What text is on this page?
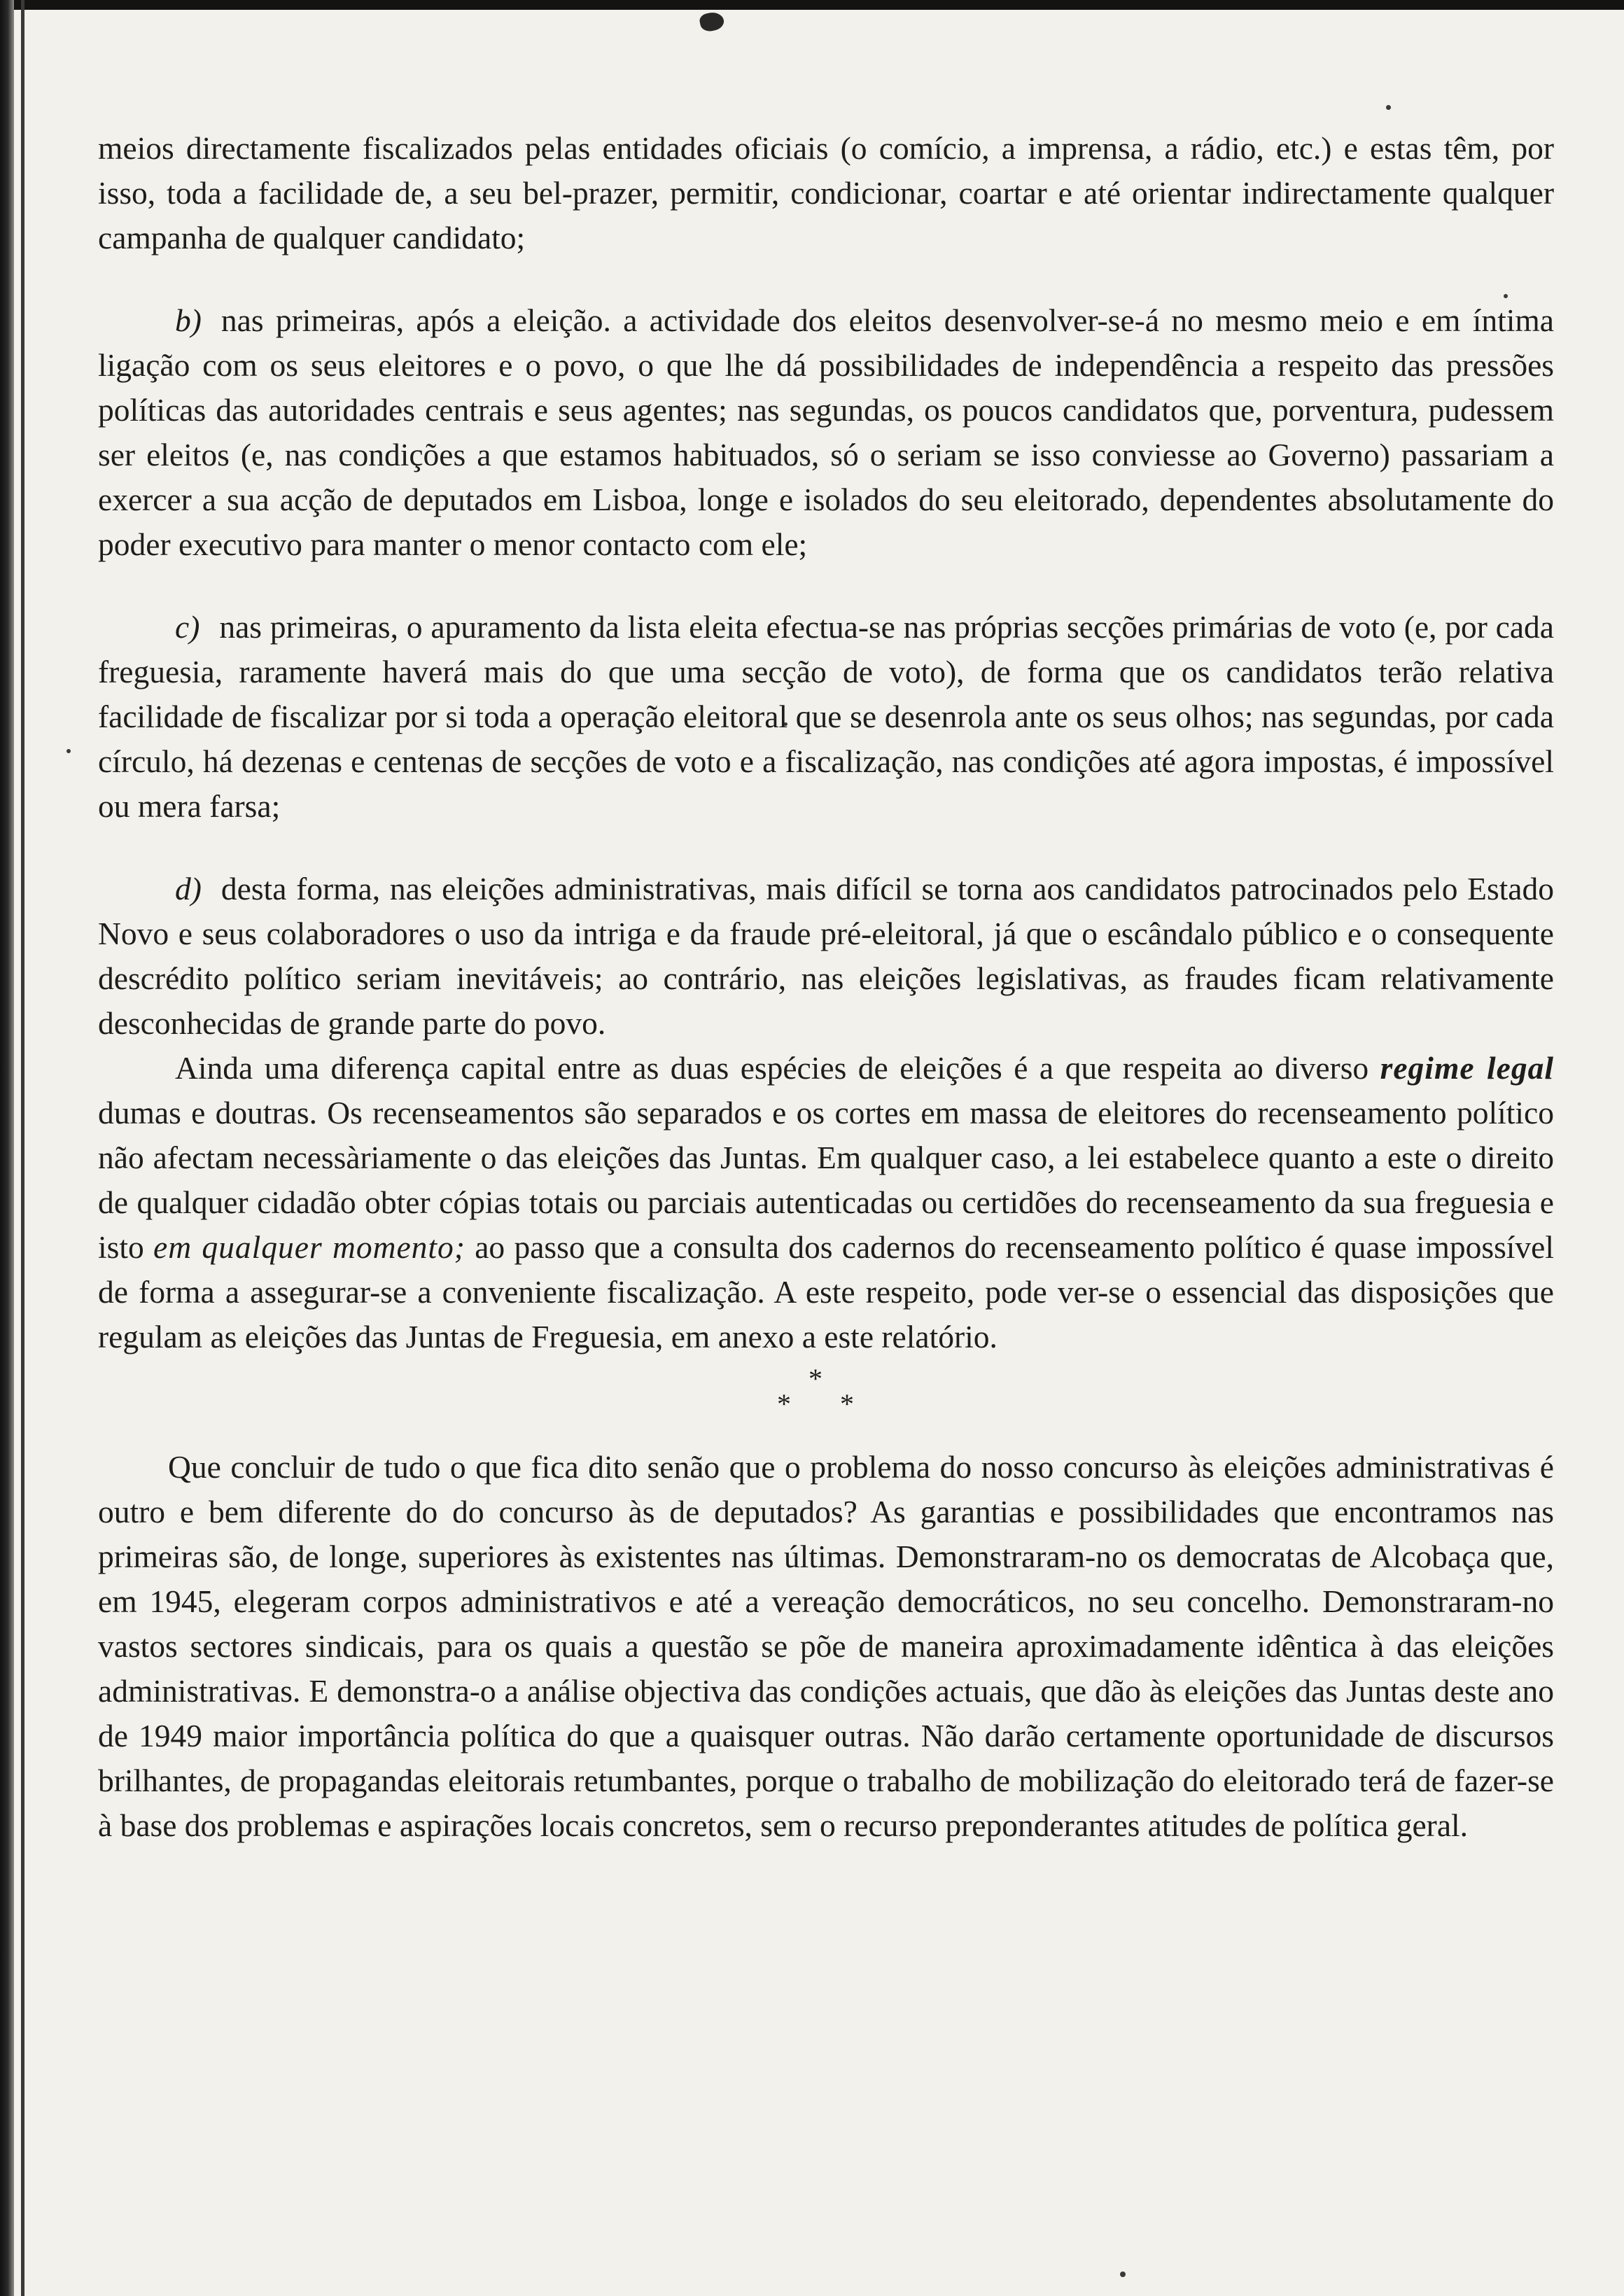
meios directamente fiscalizados pelas entidades oficiais (o comício, a imprensa, a rádio, etc.) e estas têm, por isso, toda a facilidade de, a seu bel-prazer, permitir, condicionar, coartar e até orientar indirectamente qualquer campanha de qualquer candidato;

b) nas primeiras, após a eleição. a actividade dos eleitos desenvolver-se-á no mesmo meio e em íntima ligação com os seus eleitores e o povo, o que lhe dá possibilidades de independência a respeito das pressões políticas das autoridades centrais e seus agentes; nas segundas, os poucos candidatos que, porventura, pudessem ser eleitos (e, nas condições a que estamos habituados, só o seriam se isso conviesse ao Governo) passariam a exercer a sua acção de deputados em Lisboa, longe e isolados do seu eleitorado, dependentes absolutamente do poder executivo para manter o menor contacto com ele;

c) nas primeiras, o apuramento da lista eleita efectua-se nas próprias secções primárias de voto (e, por cada freguesia, raramente haverá mais do que uma secção de voto), de forma que os candidatos terão relativa facilidade de fiscalizar por si toda a operação eleitoral que se desenrola ante os seus olhos; nas segundas, por cada círculo, há dezenas e centenas de secções de voto e a fiscalização, nas condições até agora impostas, é impossível ou mera farsa;

d) desta forma, nas eleições administrativas, mais difícil se torna aos candidatos patrocinados pelo Estado Novo e seus colaboradores o uso da intriga e da fraude pré-eleitoral, já que o escândalo público e o consequente descrédito político seriam inevitáveis; ao contrário, nas eleições legislativas, as fraudes ficam relativamente desconhecidas de grande parte do povo.

Ainda uma diferença capital entre as duas espécies de eleições é a que respeita ao diverso regime legal dumas e doutras. Os recenseamentos são separados e os cortes em massa de eleitores do recenseamento político não afectam necessàriamente o das eleições das Juntas. Em qualquer caso, a lei estabelece quanto a este o direito de qualquer cidadão obter cópias totais ou parciais autenticadas ou certidões do recenseamento da sua freguesia e isto em qualquer momento; ao passo que a consulta dos cadernos do recenseamento político é quase impossível de forma a assegurar-se a conveniente fiscalização. A este respeito, pode ver-se o essencial das disposições que regulam as eleições das Juntas de Freguesia, em anexo a este relatório.

*
* *

Que concluir de tudo o que fica dito senão que o problema do nosso concurso às eleições administrativas é outro e bem diferente do do concurso às de deputados? As garantias e possibilidades que encontramos nas primeiras são, de longe, superiores às existentes nas últimas. Demonstraram-no os democratas de Alcobaça que, em 1945, elegeram corpos administrativos e até a vereação democráticos, no seu concelho. Demonstraram-no vastos sectores sindicais, para os quais a questão se põe de maneira aproximadamente idêntica à das eleições administrativas. E demonstra-o a análise objectiva das condições actuais, que dão às eleições das Juntas deste ano de 1949 maior importância política do que a quaisquer outras. Não darão certamente oportunidade de discursos brilhantes, de propagandas eleitorais retumbantes, porque o trabalho de mobilização do eleitorado terá de fazer-se à base dos problemas e aspirações locais concretos, sem o recurso preponderantes atitudes de política geral.
